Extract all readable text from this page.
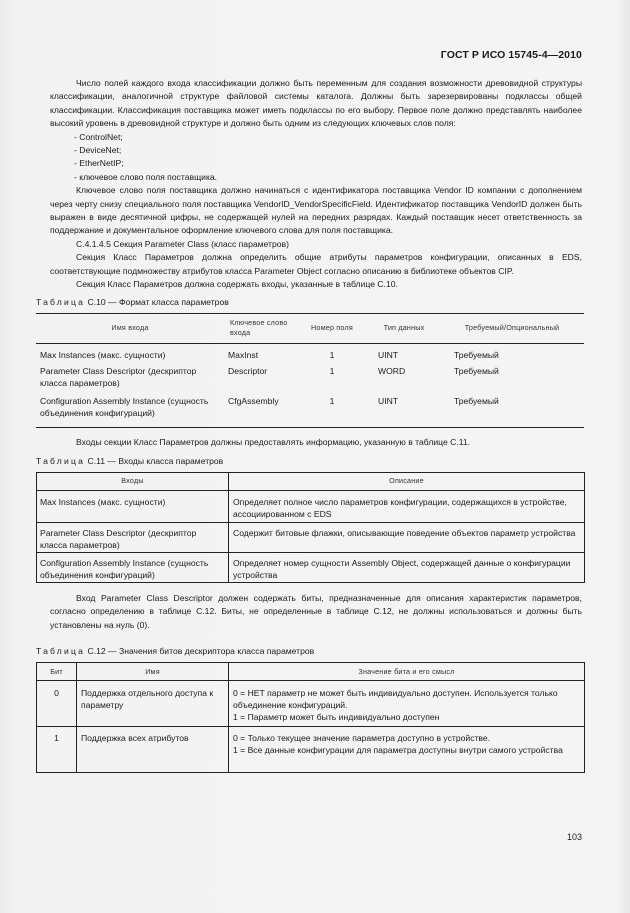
ГОСТ Р ИСО 15745-4—2010

Число полей каждого входа классификации должно быть переменным для создания возможности древовидной структуры классификации, аналогичной структуре файловой системы каталога. Должны быть зарезервированы подклассы общей классификации. Классификация поставщика может иметь подклассы по его выбору. Первое поле должно представлять наиболее высокий уровень в древовидной структуре и должно быть одним из следующих ключевых слов поля:

- ControlNet;

- DeviceNet;

- EtherNetIP;

- ключевое слово поля поставщика.

Ключевое слово поля поставщика должно начинаться с идентификатора поставщика Vendor ID компании с дополнением через черту снизу специального поля поставщика VendorID_VendorSpecificField. Идентификатор поставщика VendorID должен быть выражен в виде десятичной цифры, не содержащей нулей на передних разрядах. Каждый поставщик несет ответственность за поддержание и документальное оформление ключевого слова для поля поставщика.

С.4.1.4.5 Секция Parameter Class (класс параметров)

Секция Класс Параметров должна определить общие атрибуты параметров конфигурации, описанных в EDS, соответствующие подмножеству атрибутов класса Parameter Object согласно описанию в библиотеке объектов CIP.

Секция Класс Параметров должна содержать входы, указанные в таблице С.10.

Таблица С.10 — Формат класса параметров

Имя входа	Ключевое слово входа	Номер поля	Тип данных	Требуемый/Опциональный

Max Instances (макс. сущности)	MaxInst	1	UINT	Требуемый
Parameter Class Descriptor (дескриптор класса параметров)	Descriptor	1	WORD	Требуемый
Configuration Assembly Instance (сущность объединения конфигураций)	CfgAssembly	1	UINT	Требуемый

Входы секции Класс Параметров должны предоставлять информацию, указанную в таблице С.11.

Таблица С.11 — Входы класса параметров

Входы	Описание
Max Instances (макс. сущности)	Определяет полное число параметров конфигурации, содержащихся в устройстве, ассоциированном с EDS
Parameter Class Descriptor (дескриптор класса параметров)	Содержит битовые флажки, описывающие поведение объектов параметр устройства
Configuration Assembly Instance (сущность объединения конфигураций)	Определяет номер сущности Assembly Object, содержащей данные о конфигурации устройства

Вход Parameter Class Descriptor должен содержать биты, предназначенные для описания характеристик параметров, согласно определению в таблице С.12. Биты, не определенные в таблице С.12, не должны использоваться и должны быть установлены на нуль (0).

Таблица С.12 — Значения битов дескриптора класса параметров

Бит	Имя	Значение бита и его смысл
0	Поддержка отдельного доступа к параметру	0 = НЕТ параметр не может быть индивидуально доступен. Используется только объединение конфигураций.
1 = Параметр может быть индивидуально доступен
1	Поддержка всех атрибутов	0 = Только текущее значение параметра доступно в устройстве.
1 = Все данные конфигурации для параметра доступны внутри самого устройства
103
